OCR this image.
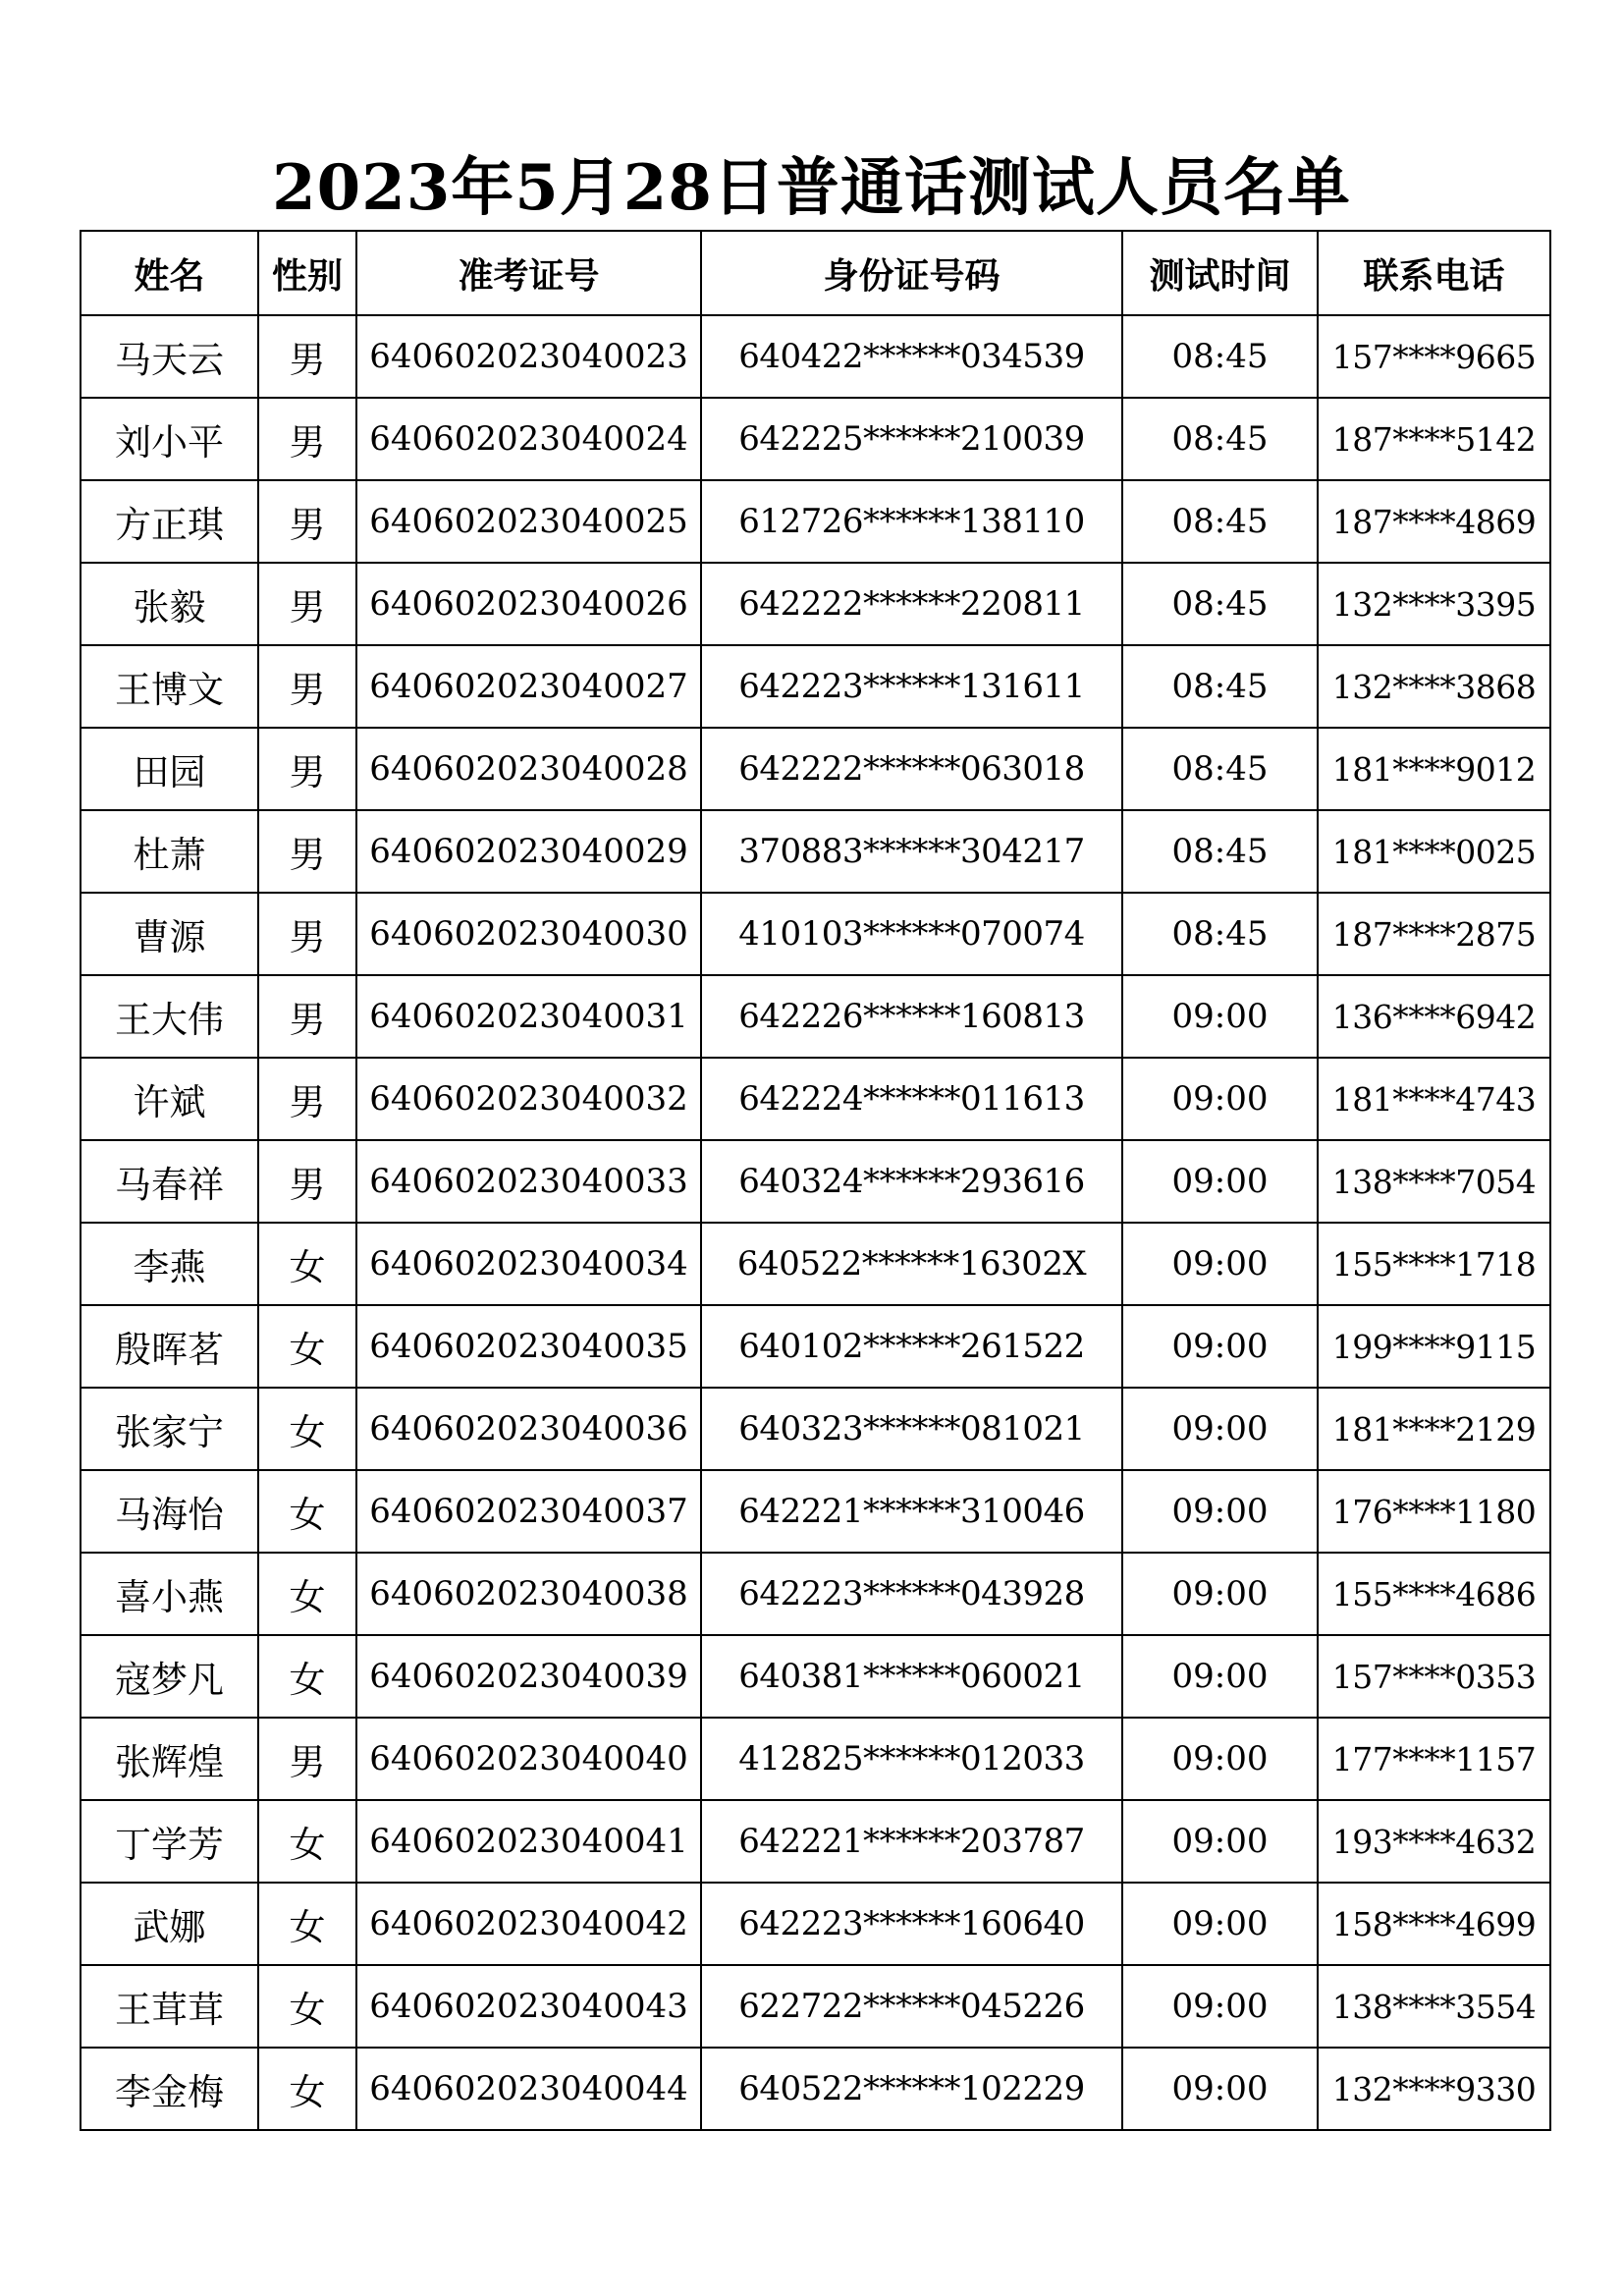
2023年5月28日普通话测试人员名单
姓名	性别	准考证号	身份证号码	测试时间	联系电话
马天云	男	640602023040023	640422******034539	08:45	157****9665
刘小平	男	640602023040024	642225******210039	08:45	187****5142
方正琪	男	640602023040025	612726******138110	08:45	187****4869
张毅	男	640602023040026	642222******220811	08:45	132****3395
王博文	男	640602023040027	642223******131611	08:45	132****3868
田园	男	640602023040028	642222******063018	08:45	181****9012
杜萧	男	640602023040029	370883******304217	08:45	181****0025
曹源	男	640602023040030	410103******070074	08:45	187****2875
王大伟	男	640602023040031	642226******160813	09:00	136****6942
许斌	男	640602023040032	642224******011613	09:00	181****4743
马春祥	男	640602023040033	640324******293616	09:00	138****7054
李燕	女	640602023040034	640522******16302X	09:00	155****1718
殷晖茗	女	640602023040035	640102******261522	09:00	199****9115
张家宁	女	640602023040036	640323******081021	09:00	181****2129
马海怡	女	640602023040037	642221******310046	09:00	176****1180
喜小燕	女	640602023040038	642223******043928	09:00	155****4686
寇梦凡	女	640602023040039	640381******060021	09:00	157****0353
张辉煌	男	640602023040040	412825******012033	09:00	177****1157
丁学芳	女	640602023040041	642221******203787	09:00	193****4632
武娜	女	640602023040042	642223******160640	09:00	158****4699
王茸茸	女	640602023040043	622722******045226	09:00	138****3554
李金梅	女	640602023040044	640522******102229	09:00	132****9330
